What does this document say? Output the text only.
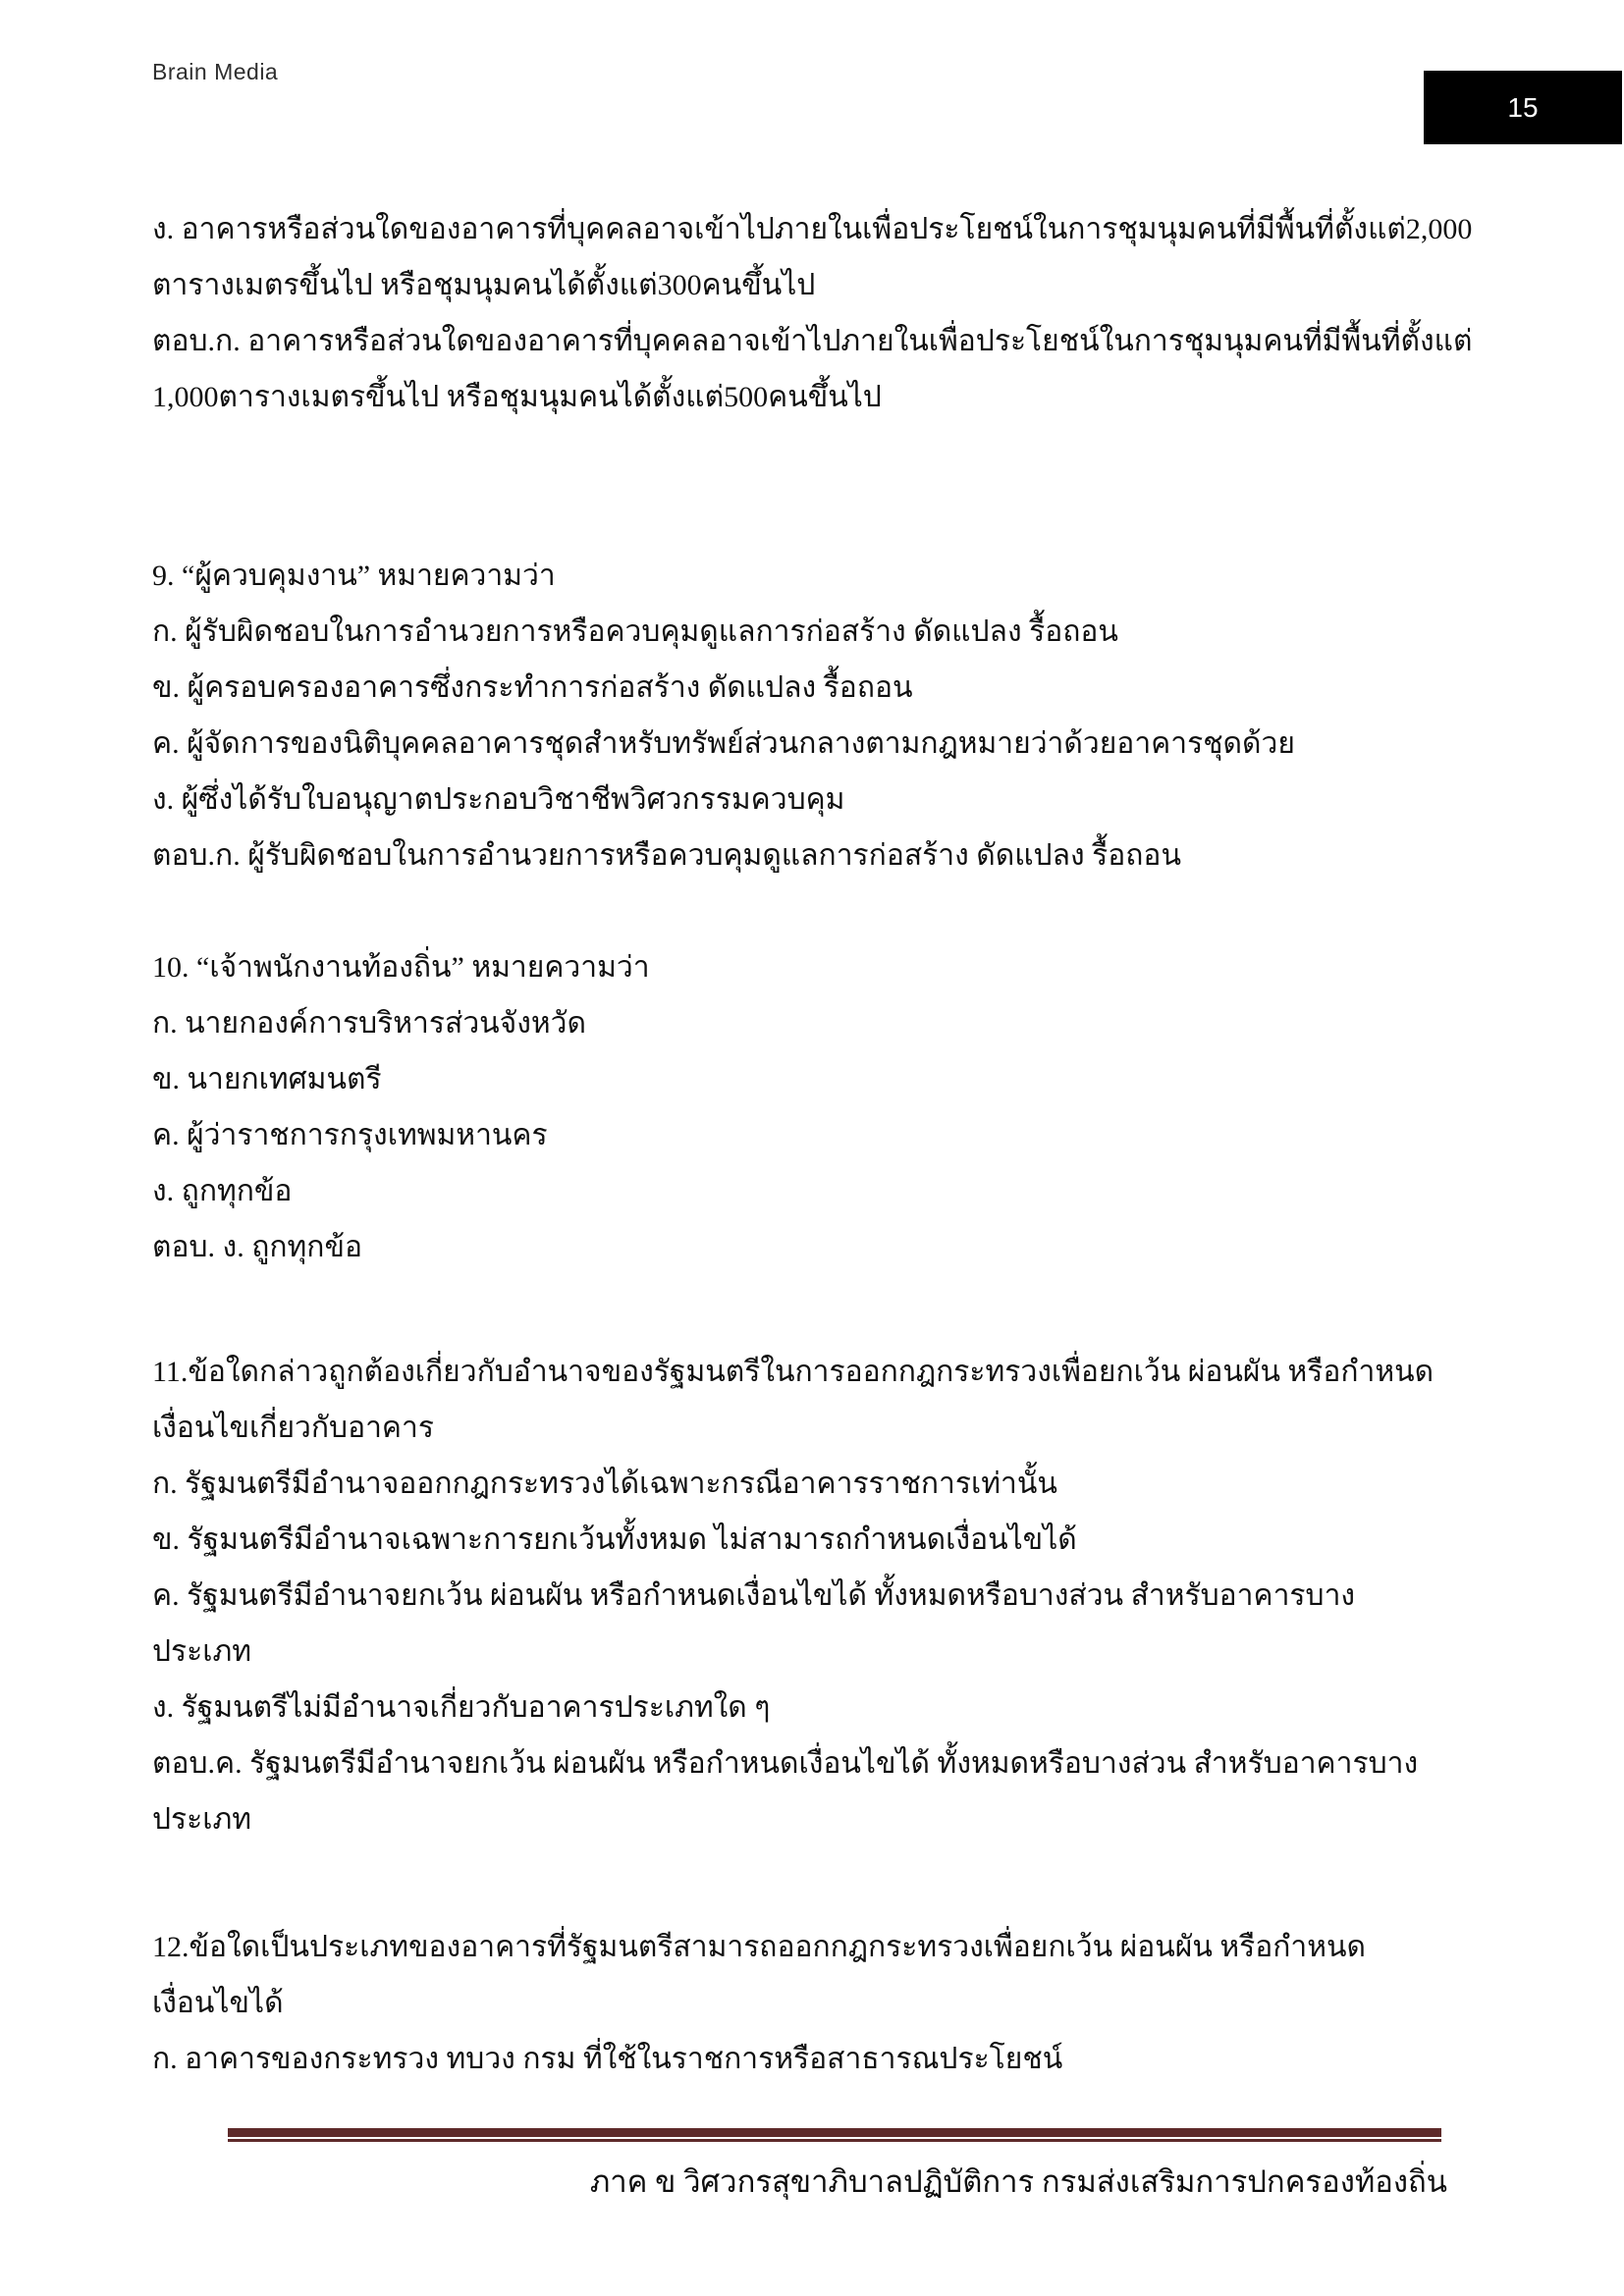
Brain Media
15
ง. อาคารหรือส่วนใดของอาคารที่บุคคลอาจเข้าไปภายในเพื่อประโยชน์ในการชุมนุมคนที่มีพื้นที่ตั้งแต่2,000
ตารางเมตรขึ้นไป หรือชุมนุมคนได้ตั้งแต่300คนขึ้นไป
ตอบ.ก. อาคารหรือส่วนใดของอาคารที่บุคคลอาจเข้าไปภายในเพื่อประโยชน์ในการชุมนุมคนที่มีพื้นที่ตั้งแต่
1,000ตารางเมตรขึ้นไป หรือชุมนุมคนได้ตั้งแต่500คนขึ้นไป
9. “ผู้ควบคุมงาน” หมายความว่า
ก. ผู้รับผิดชอบในการอำนวยการหรือควบคุมดูแลการก่อสร้าง ดัดแปลง รื้อถอน
ข. ผู้ครอบครองอาคารซึ่งกระทำการก่อสร้าง ดัดแปลง รื้อถอน
ค. ผู้จัดการของนิติบุคคลอาคารชุดสำหรับทรัพย์ส่วนกลางตามกฎหมายว่าด้วยอาคารชุดด้วย
ง. ผู้ซึ่งได้รับใบอนุญาตประกอบวิชาชีพวิศวกรรมควบคุม
ตอบ.ก. ผู้รับผิดชอบในการอำนวยการหรือควบคุมดูแลการก่อสร้าง ดัดแปลง รื้อถอน
10. “เจ้าพนักงานท้องถิ่น” หมายความว่า
ก. นายกองค์การบริหารส่วนจังหวัด
ข. นายกเทศมนตรี
ค. ผู้ว่าราชการกรุงเทพมหานคร
ง. ถูกทุกข้อ
ตอบ. ง. ถูกทุกข้อ
11.ข้อใดกล่าวถูกต้องเกี่ยวกับอำนาจของรัฐมนตรีในการออกกฎกระทรวงเพื่อยกเว้น ผ่อนผัน หรือกำหนด
เงื่อนไขเกี่ยวกับอาคาร
ก. รัฐมนตรีมีอำนาจออกกฎกระทรวงได้เฉพาะกรณีอาคารราชการเท่านั้น
ข. รัฐมนตรีมีอำนาจเฉพาะการยกเว้นทั้งหมด ไม่สามารถกำหนดเงื่อนไขได้
ค. รัฐมนตรีมีอำนาจยกเว้น ผ่อนผัน หรือกำหนดเงื่อนไขได้ ทั้งหมดหรือบางส่วน สำหรับอาคารบาง
ประเภท
ง. รัฐมนตรีไม่มีอำนาจเกี่ยวกับอาคารประเภทใด ๆ
ตอบ.ค. รัฐมนตรีมีอำนาจยกเว้น ผ่อนผัน หรือกำหนดเงื่อนไขได้ ทั้งหมดหรือบางส่วน สำหรับอาคารบาง
ประเภท
12.ข้อใดเป็นประเภทของอาคารที่รัฐมนตรีสามารถออกกฎกระทรวงเพื่อยกเว้น ผ่อนผัน หรือกำหนด
เงื่อนไขได้
ก. อาคารของกระทรวง ทบวง กรม ที่ใช้ในราชการหรือสาธารณประโยชน์
ภาค ข วิศวกรสุขาภิบาลปฏิบัติการ กรมส่งเสริมการปกครองท้องถิ่น
